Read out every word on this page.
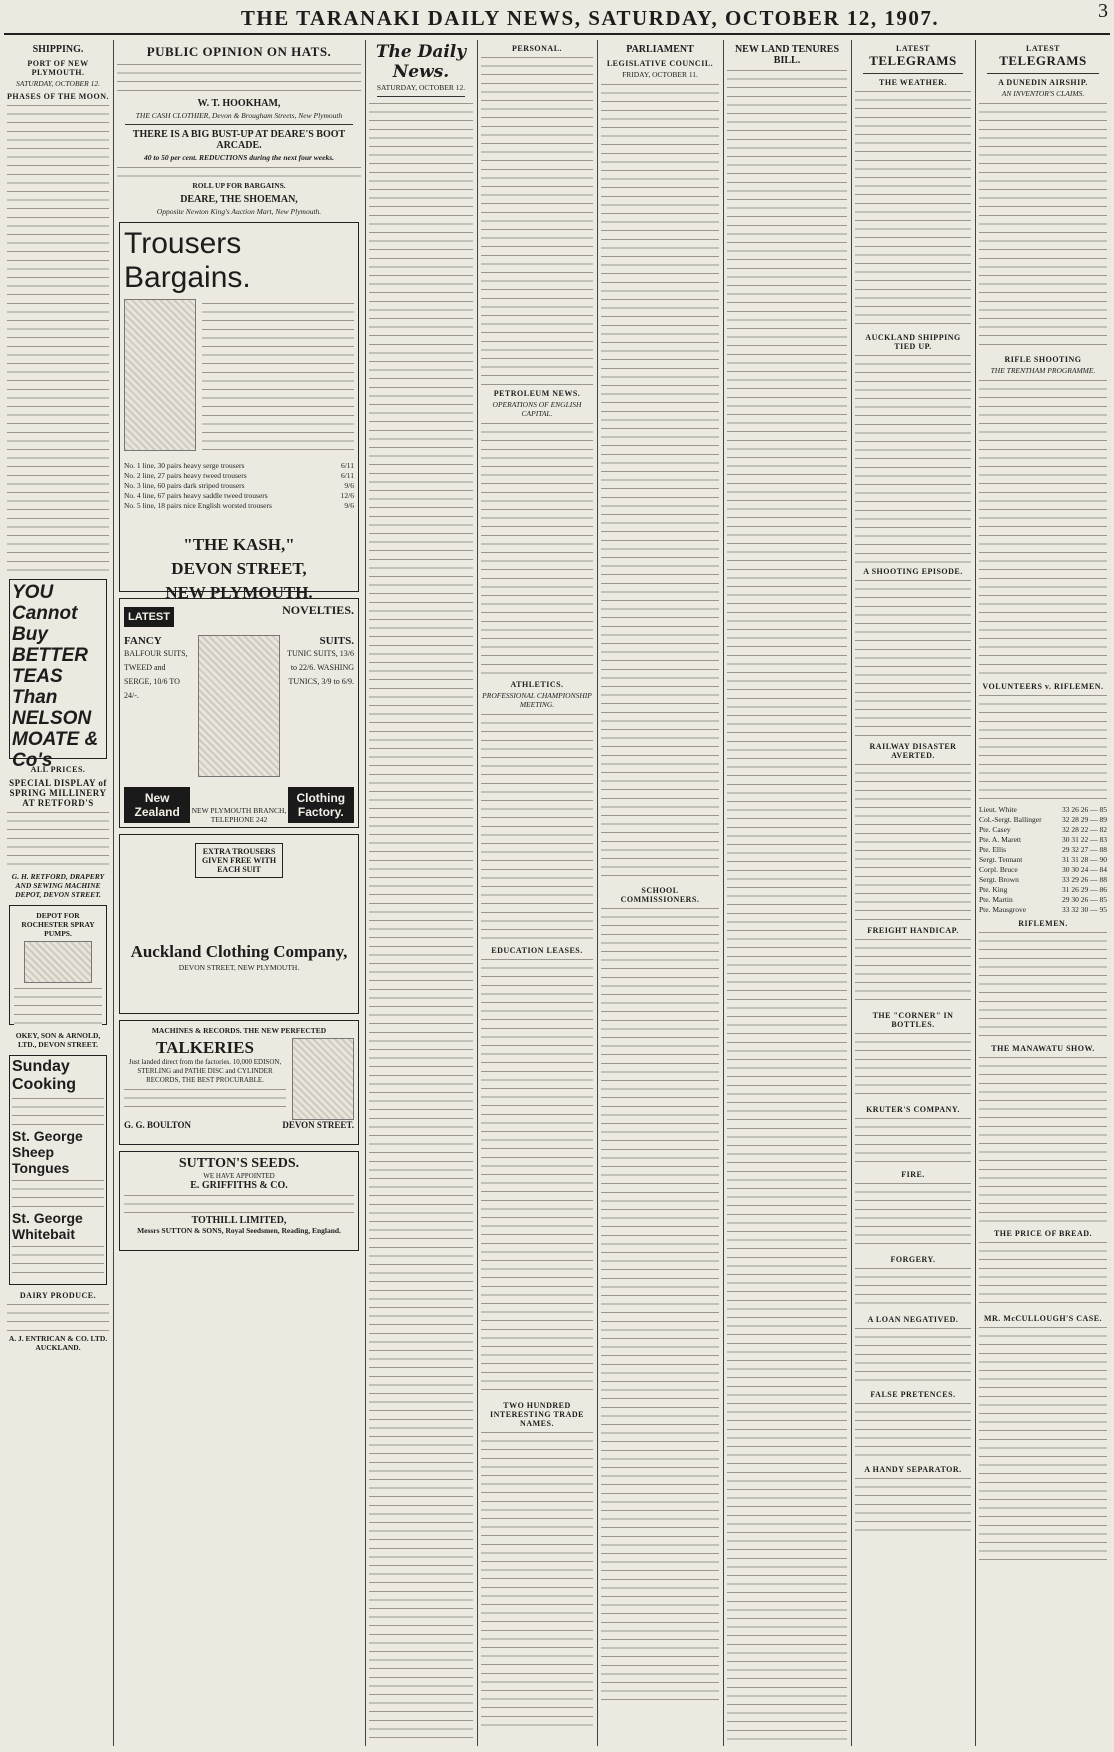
THE TARANAKI DAILY NEWS, SATURDAY, OCTOBER 12, 1907.	3
SHIPPING.
PORT OF NEW PLYMOUTH.
SATURDAY, OCTOBER 12.
PHASES OF THE MOON.
YOU Cannot Buy BETTER TEAS Than NELSON MOATE & Co's
ALL PRICES.
SPECIAL DISPLAY of SPRING MILLINERY AT RETFORD'S
G. H. RETFORD, DRAPERY AND SEWING MACHINE DEPOT, DEVON STREET.
DEPOT FOR ROCHESTER SPRAY PUMPS.
OKEY, SON & ARNOLD, LTD., DEVON STREET.
Sunday Cooking
St. George Sheep Tongues
St. George Whitebait
DAIRY PRODUCE.
A. J. ENTRICAN & CO. LTD. AUCKLAND.
PUBLIC OPINION ON HATS.
W. T. HOOKHAM,
THE CASH CLOTHIER, Devon & Brougham Streets, New Plymouth
THERE IS A BIG BUST-UP AT DEARE'S BOOT ARCADE.
40 to 50 per cent. REDUCTIONS during the next four weeks.
ROLL UP FOR BARGAINS.
DEARE, THE SHOEMAN,
Opposite Newton King's Auction Mart, New Plymouth.
Trousers
Bargains.
No. 1 line, 30 pairs heavy serge trousers	6/11
No. 2 line, 27 pairs heavy tweed trousers	6/11
No. 3 line, 60 pairs dark striped trousers	9/6
No. 4 line, 67 pairs heavy saddle tweed trousers	12/6
No. 5 line, 18 pairs nice English worsted trousers	9/6
"THE KASH,"
DEVON STREET,
NEW PLYMOUTH.
LATEST	NOVELTIES.
FANCY
BALFOUR SUITS, TWEED and SERGE, 10/6 TO 24/-.
SUITS.
TUNIC SUITS, 13/6 to 22/6. WASHING TUNICS, 3/9 to 6/9.
New Zealand	NEW PLYMOUTH BRANCH, TELEPHONE 242
Clothing Factory.
EXTRA TROUSERS GIVEN FREE WITH EACH SUIT
Auckland Clothing Company,
DEVON STREET, NEW PLYMOUTH.
MACHINES & RECORDS. THE NEW PERFECTED
TALKERIES
Just landed direct from the factories. 10,000 EDISON, STERLING and PATHE DISC and CYLINDER RECORDS, THE BEST PROCURABLE.
G. G. BOULTON	DEVON STREET.
SUTTON'S SEEDS.
WE HAVE APPOINTED
E. GRIFFITHS & CO.
TOTHILL LIMITED,
Messrs SUTTON & SONS, Royal Seedsmen, Reading, England.
The Daily News.
SATURDAY, OCTOBER 12.
PERSONAL.
PETROLEUM NEWS.
OPERATIONS OF ENGLISH CAPITAL.
ATHLETICS.
PROFESSIONAL CHAMPIONSHIP MEETING.
EDUCATION LEASES.
TWO HUNDRED INTERESTING TRADE NAMES.
PARLIAMENT
LEGISLATIVE COUNCIL.
FRIDAY, OCTOBER 11.
SCHOOL COMMISSIONERS.
NEW LAND TENURES BILL.
LATEST
TELEGRAMS
THE WEATHER.
AUCKLAND SHIPPING TIED UP.
A SHOOTING EPISODE.
RAILWAY DISASTER AVERTED.
FREIGHT HANDICAP.
THE "CORNER" IN BOTTLES.
KRUTER'S COMPANY.
FIRE.
FORGERY.
A LOAN NEGATIVED.
FALSE PRETENCES.
A HANDY SEPARATOR.
LATEST
TELEGRAMS
A DUNEDIN AIRSHIP.
AN INVENTOR'S CLAIMS.
RIFLE SHOOTING
THE TRENTHAM PROGRAMME.
VOLUNTEERS v. RIFLEMEN.
Lieut. White	33 26 26 — 85
Col.-Sergt. Ballinger	32 28 29 — 89
Pte. Casey	32 28 22 — 82
Pte. A. Marett	30 31 22 — 83
Pte. Ellis	29 32 27 — 88
Sergt. Tennant	31 31 28 — 90
Corpl. Bruce	30 30 24 — 84
Sergt. Brown	33 29 26 — 88
Pte. King	31 26 29 — 86
Pte. Martin	29 30 26 — 85
Pte. Mausgrove	33 32 30 — 95
RIFLEMEN.
THE MANAWATU SHOW.
THE PRICE OF BREAD.
MR. McCULLOUGH'S CASE.
